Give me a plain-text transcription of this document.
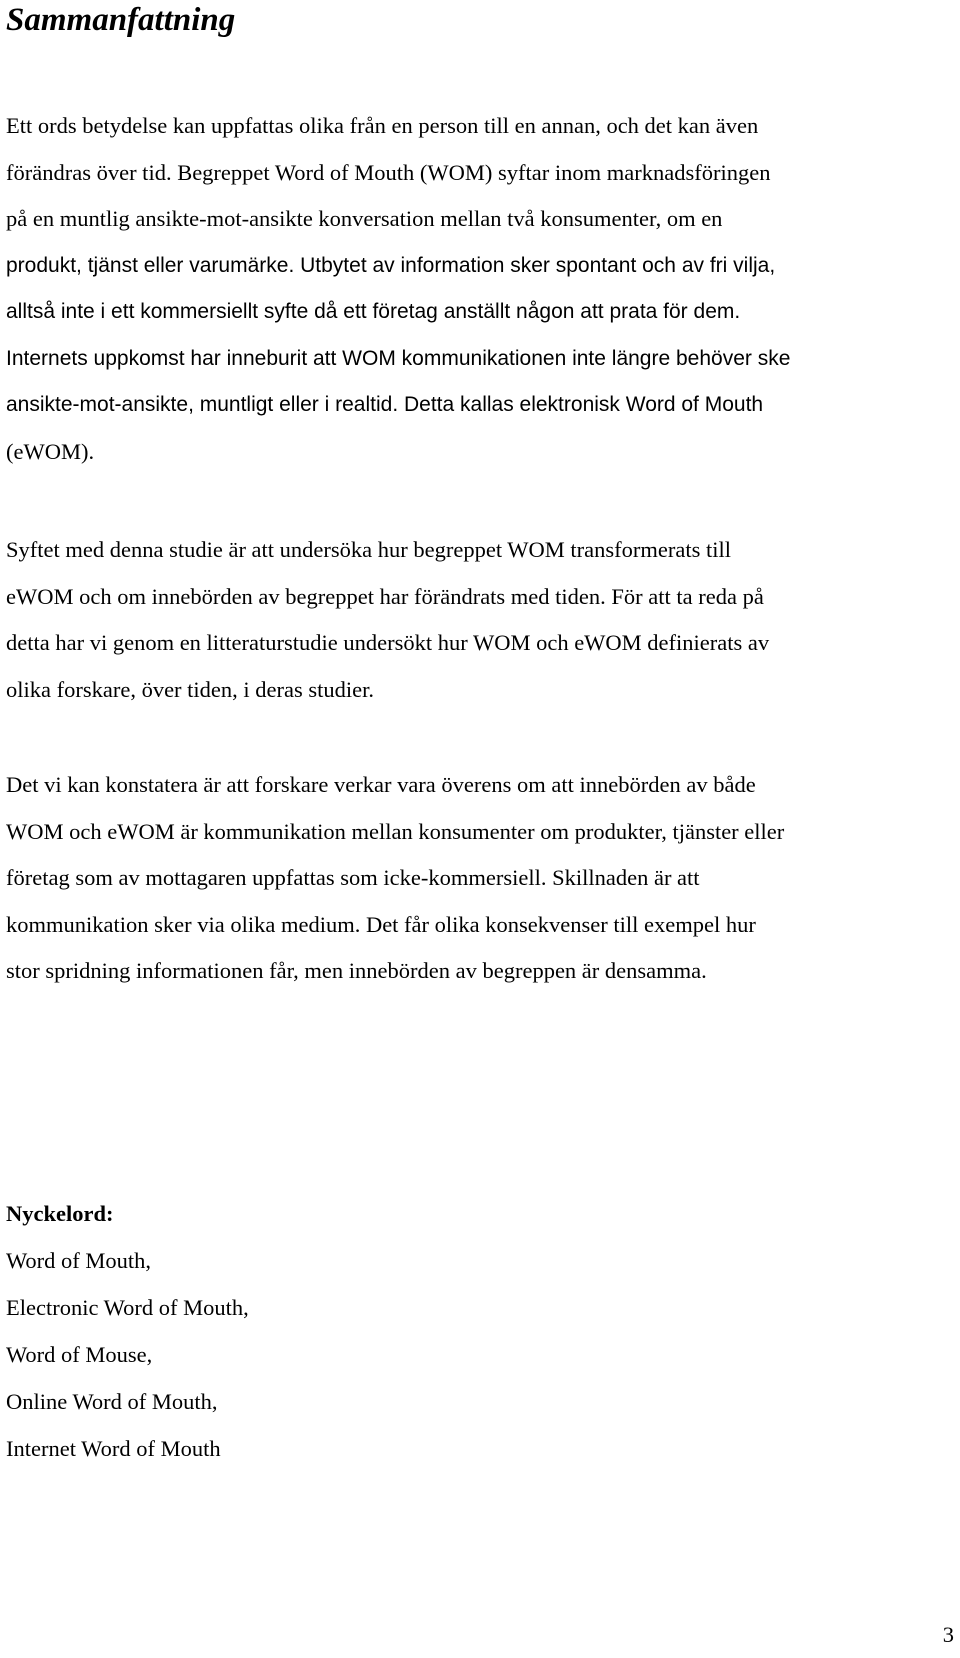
Sammanfattning
Ett ords betydelse kan uppfattas olika från en person till en annan, och det kan även
förändras över tid. Begreppet Word of Mouth (WOM) syftar inom marknadsföringen
på en muntlig ansikte-mot-ansikte konversation mellan två konsumenter, om en
produkt, tjänst eller varumärke. Utbytet av information sker spontant och av fri vilja,
alltså inte i ett kommersiellt syfte då ett företag anställt någon att prata för dem.
Internets uppkomst har inneburit att WOM kommunikationen inte längre behöver ske
ansikte-mot-ansikte, muntligt eller i realtid. Detta kallas elektronisk Word of Mouth
(eWOM).
Syftet med denna studie är att undersöka hur begreppet WOM transformerats till
eWOM och om innebörden av begreppet har förändrats med tiden. För att ta reda på
detta har vi genom en litteraturstudie undersökt hur WOM och eWOM definierats av
olika forskare, över tiden, i deras studier.
Det vi kan konstatera är att forskare verkar vara överens om att innebörden av både
WOM och eWOM är kommunikation mellan konsumenter om produkter, tjänster eller
företag som av mottagaren uppfattas som icke-kommersiell. Skillnaden är att
kommunikation sker via olika medium. Det får olika konsekvenser till exempel hur
stor spridning informationen får, men innebörden av begreppen är densamma.
Nyckelord:
Word of Mouth,
Electronic Word of Mouth,
Word of Mouse,
Online Word of Mouth,
Internet Word of Mouth
3
